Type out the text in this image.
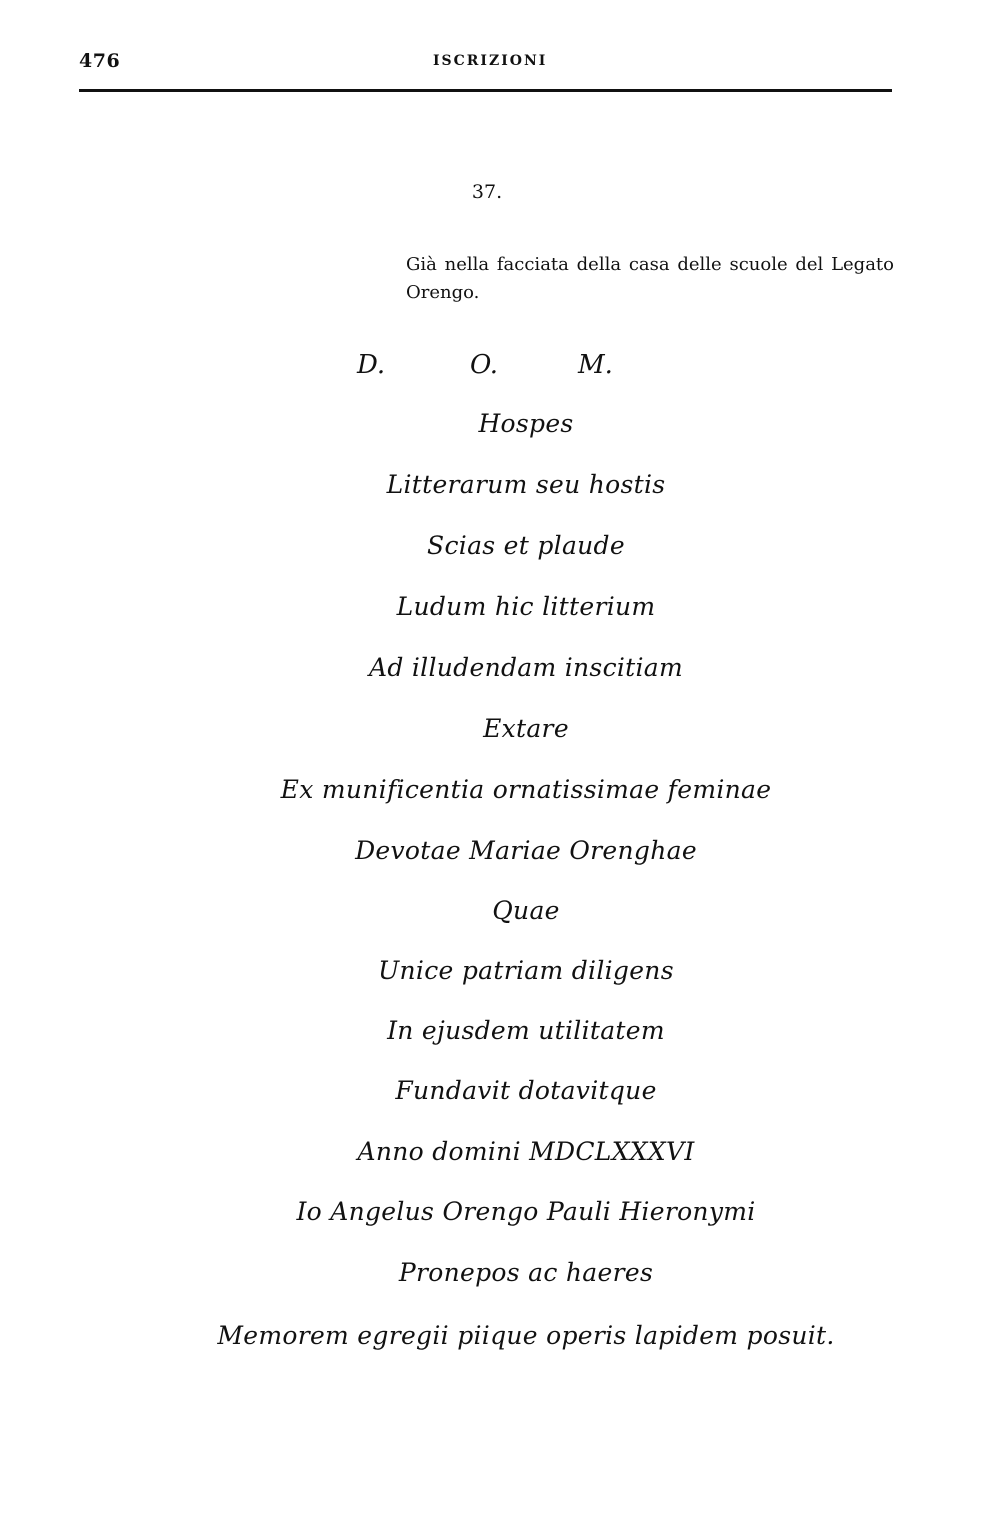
476	ISCRIZIONI
37.
Già nella facciata della casa delle scuole del Legato Orengo.
D.	O.	M.
Hospes
Litterarum seu hostis
Scias et plaude
Ludum hic litterium
Ad illudendam inscitiam
Extare
Ex munificentia ornatissimae feminae
Devotae Mariae Orenghae
Quae
Unice patriam diligens
In ejusdem utilitatem
Fundavit dotavitque
Anno domini MDCLXXXVI
Io Angelus Orengo Pauli Hieronymi
Pronepos ac haeres
Memorem egregii piique operis lapidem posuit.
